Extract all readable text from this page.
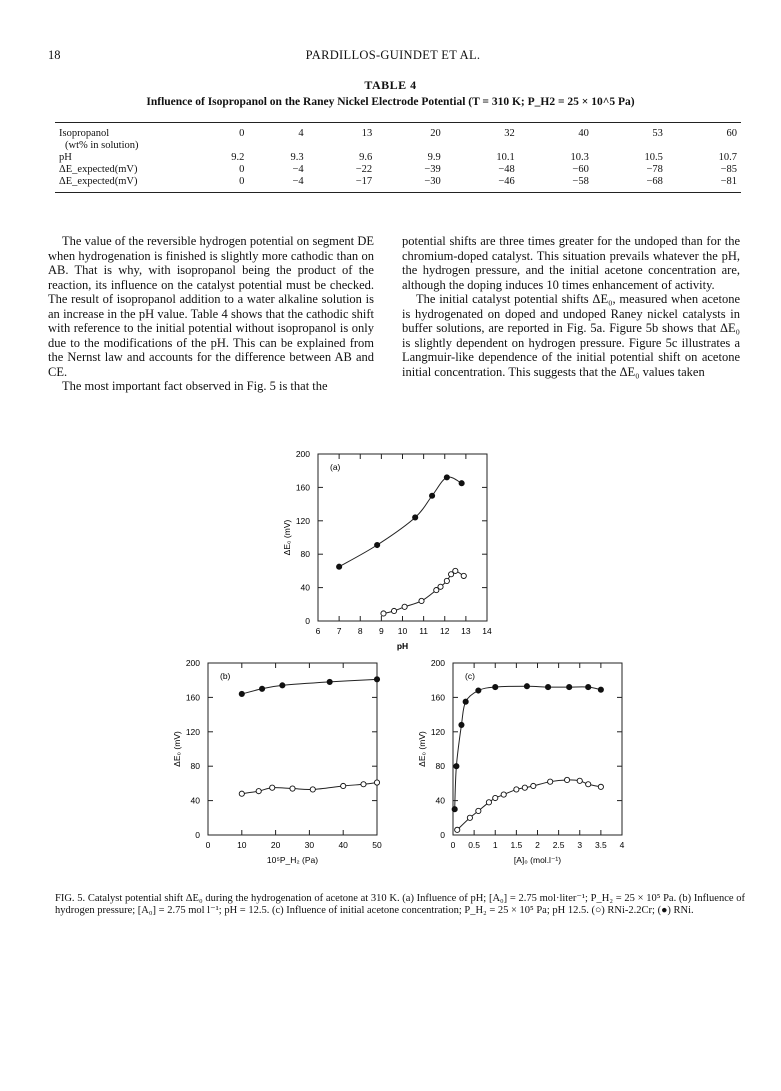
18	PARDILLOS-GUINDET ET AL.
TABLE 4
Influence of Isopropanol on the Raney Nickel Electrode Potential (T = 310 K; P_H2 = 25 × 10^5 Pa)
Isopropanol	0	4	13	20	32	40	53	60
(wt% in solution)								
pH	9.2	9.3	9.6	9.9	10.1	10.3	10.5	10.7
ΔE_expected(mV)	0	−4	−22	−39	−48	−60	−78	−85
ΔE_expected(mV)	0	−4	−17	−30	−46	−58	−68	−81

The value of the reversible hydrogen potential on segment DE when hydrogenation is finished is slightly more cathodic than on AB. That is why, with isopropanol being the product of the reaction, its influence on the catalyst potential must be checked. The result of isopropanol addition to a water alkaline solution is an increase in the pH value. Table 4 shows that the cathodic shift with reference to the initial potential without isopropanol is only due to the modifications of the pH. This can be explained from the Nernst law and accounts for the difference between AB and CE.

The most important fact observed in Fig. 5 is that the

potential shifts are three times greater for the undoped than for the chromium-doped catalyst. This situation prevails whatever the pH, the hydrogen pressure, and the initial acetone concentration are, although the doping induces 10 times enhancement of activity.

The initial catalyst potential shifts ΔE₀, measured when acetone is hydrogenated on doped and undoped Raney nickel catalysts in buffer solutions, are reported in Fig. 5a. Figure 5b shows that ΔE₀ is slightly dependent on hydrogen pressure. Figure 5c illustrates a Langmuir-like dependence of the initial potential shift on acetone initial concentration. This suggests that the ΔE₀ values taken

6 7 8 9 10 11 12 13 14
0
40
80
120
160
200
(a)
pH
ΔE₀ (mV)
0	10	20	30	40	50
0
40
80
120
160
200
(b)
10⁵P_H₂ (Pa)
ΔE₀ (mV)
0 0.5 1 1.5 2 2.5 3 3.5 4
0
40
80
120
160
200
(c)
[A]₀ (mol.l⁻¹)
ΔE₀ (mV)
FIG. 5. Catalyst potential shift ΔE₀ during the hydrogenation of acetone at 310 K. (a) Influence of pH; [A₀] = 2.75 mol·liter⁻¹; P_H₂ = 25 × 10⁵ Pa. (b) Influence of hydrogen pressure; [A₀] = 2.75 mol l⁻¹; pH = 12.5. (c) Influence of initial acetone concentration; P_H₂ = 25 × 10⁵ Pa; pH 12.5. (○) RNi-2.2Cr; (●) RNi.
